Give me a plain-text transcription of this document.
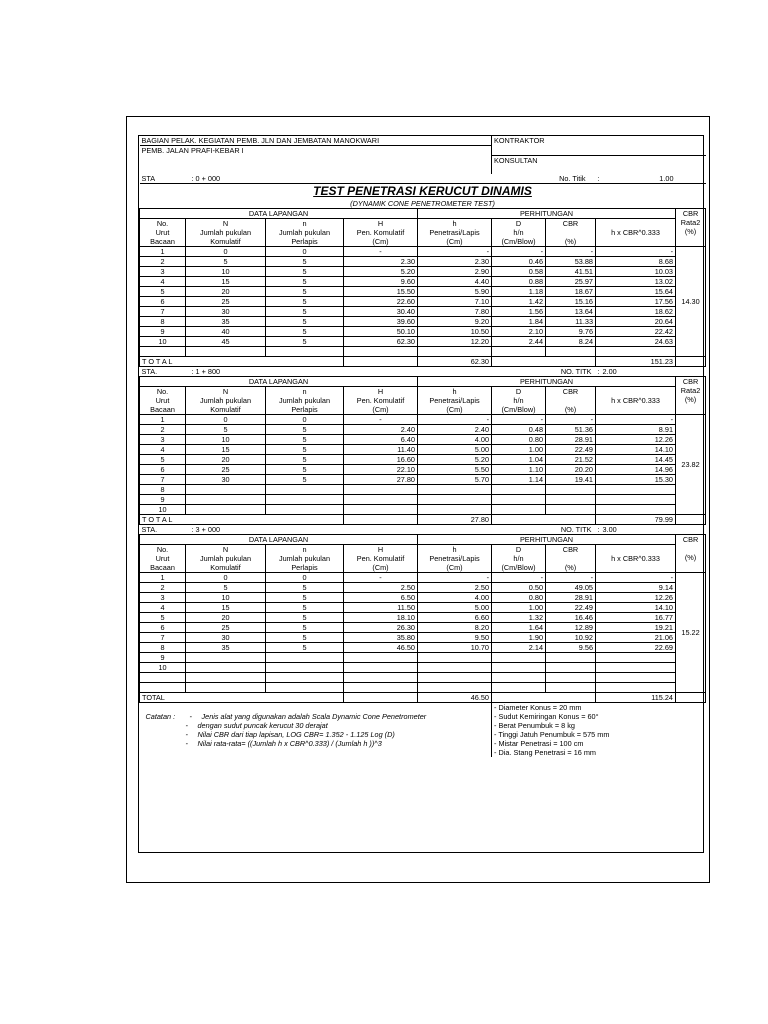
BAGIAN PELAK. KEGIATAN PEMB. JLN DAN JEMBATAN MANOKWARI					KONTRAKTOR			
PEMB. JALAN PRAFI-KEBAR I								
					KONSULTAN			

STA	: 0 + 000				No. Titik		: 1.00	
TEST PENETRASI KERUCUT DINAMIS								
(DYNAMIK CONE PENETROMETER TEST)								
DATA LAPANGAN				PERHITUNGAN				CBR
Rata2
(%)

No.	N	n	H	h	D	CBR		
Urut	Jumlah pukulan	Jumlah pukulan	Pen. Komulatif	Penetrasi/Lapis	h/n		h x CBR^0.333	
Bacaan	Komulatif	Perlapis	(Cm)	(Cm)	(Cm/Blow)	(%)		
1	0	0	-	-	-	-	-	14.30
2	5	5	2.30	2.30	0.46	53.88	8.68	
3	10	5	5.20	2.90	0.58	41.51	10.03	
4	15	5	9.60	4.40	0.88	25.97	13.02	
5	20	5	15.50	5.90	1.18	18.67	15.64	
6	25	5	22.60	7.10	1.42	15.16	17.56	
7	30	5	30.40	7.80	1.56	13.64	18.62	
8	35	5	39.60	9.20	1.84	11.33	20.64	
9	40	5	50.10	10.50	2.10	9.76	22.42	
10	45	5	62.30	12.20	2.44	8.24	24.63	

T O T A L				62.30			151.23	
STA.	: 1 + 800				NO. TITK		: 2.00	
DATA LAPANGAN				PERHITUNGAN				CBR
Rata2
(%)

No.	N	n	H	h	D	CBR		
Urut	Jumlah pukulan	Jumlah pukulan	Pen. Komulatif	Penetrasi/Lapis	h/n		h x CBR^0.333	
Bacaan	Komulatif	Perlapis	(Cm)	(Cm)	(Cm/Blow)	(%)		
1	0	0	-	-	-	-	-	23.82
2	5	5	2.40	2.40	0.48	51.36	8.91	
3	10	5	6.40	4.00	0.80	28.91	12.26	
4	15	5	11.40	5.00	1.00	22.49	14.10	
5	20	5	16.60	5.20	1.04	21.52	14.45	
6	25	5	22.10	5.50	1.10	20.20	14.96	
7	30	5	27.80	5.70	1.14	19.41	15.30	
8								
9								
10								
T O T A L				27.80			79.99	
STA.	: 3 + 000				NO. TITK		: 3.00	
DATA LAPANGAN				PERHITUNGAN				CBR
(%)

No.	N	n	H	h	D	CBR		
Urut	Jumlah pukulan	Jumlah pukulan	Pen. Komulatif	Penetrasi/Lapis	h/n		h x CBR^0.333	
Bacaan	Komulatif	Perlapis	(Cm)	(Cm)	(Cm/Blow)	(%)		
1	0	0	-	-	-	-	-	15.22
2	5	5	2.50	2.50	0.50	49.05	9.14	
3	10	5	6.50	4.00	0.80	28.91	12.26	
4	15	5	11.50	5.00	1.00	22.49	14.10	
5	20	5	18.10	6.60	1.32	16.46	16.77	
6	25	5	26.30	8.20	1.64	12.89	19.21	
7	30	5	35.80	9.50	1.90	10.92	21.06	
8	35	5	46.50	10.70	2.14	9.56	22.69	
9								
10								

TOTAL				46.50			115.24	
					- Diameter Konus = 20 mm			
Catatan : - Jenis alat yang digunakan adalah Scala Dynamic Cone Penetrometer					- Sudut Kemiringan Konus = 60°			
- dengan sudut puncak kerucut 30 derajat					- Berat Penumbuk = 8 kg			
- Nilai CBR dari tiap lapisan, LOG CBR= 1.352 - 1.125 Log (D)					- Tinggi Jatuh Penumbuk = 575 mm			
- Nilai rata-rata= ((Jumlah h x CBR^0.333) / (Jumlah h ))^3					- Mistar Penetrasi = 100 cm			
					- Dia. Stang Penetrasi = 16 mm			
